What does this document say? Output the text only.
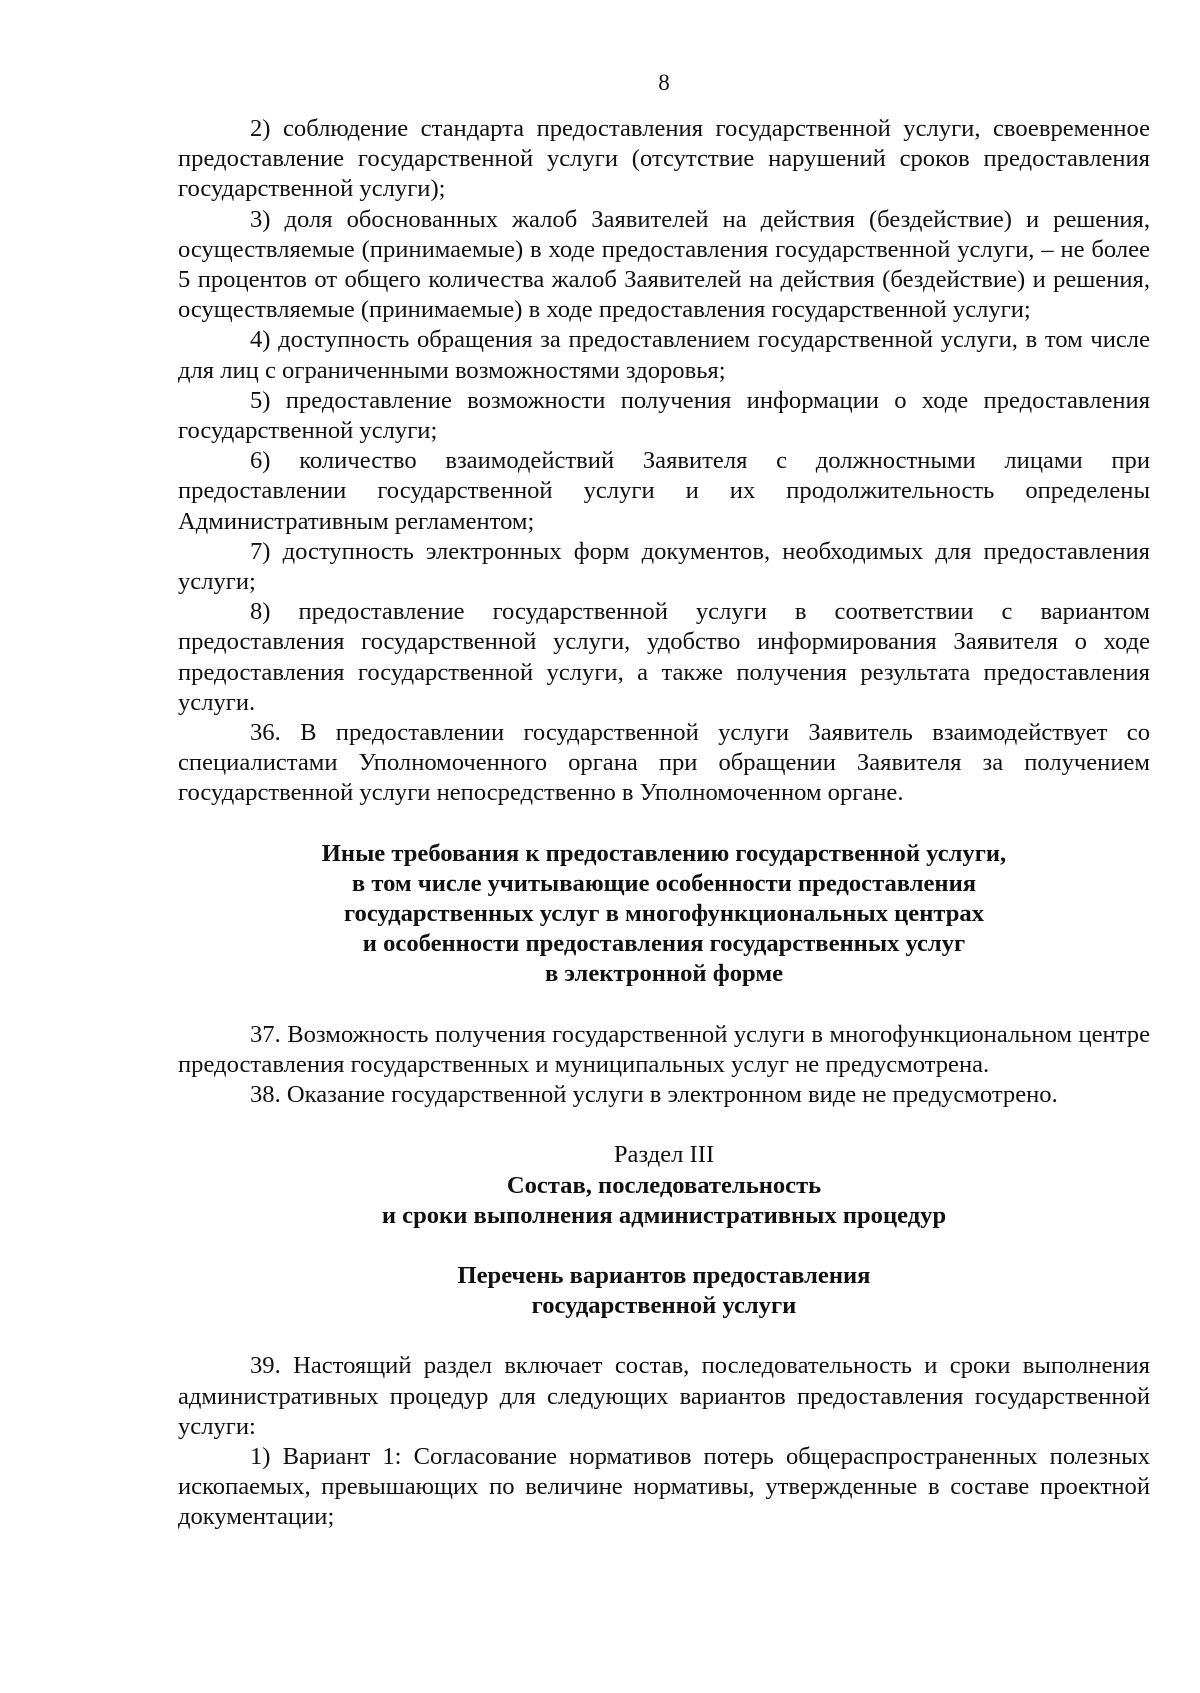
8

2) соблюдение стандарта предоставления государственной услуги, своевременное предоставление государственной услуги (отсутствие нарушений сроков предоставления государственной услуги);

3) доля обоснованных жалоб Заявителей на действия (бездействие) и решения, осуществляемые (принимаемые) в ходе предоставления государственной услуги, – не более 5 процентов от общего количества жалоб Заявителей на действия (бездействие) и решения, осуществляемые (принимаемые) в ходе предоставления государственной услуги;

4) доступность обращения за предоставлением государственной услуги, в том числе для лиц с ограниченными возможностями здоровья;

5) предоставление возможности получения информации о ходе предоставления государственной услуги;

6) количество взаимодействий Заявителя с должностными лицами при предоставлении государственной услуги и их продолжительность определены Административным регламентом;

7) доступность электронных форм документов, необходимых для предоставления услуги;

8) предоставление государственной услуги в соответствии с вариантом предоставления государственной услуги, удобство информирования Заявителя о ходе предоставления государственной услуги, а также получения результата предоставления услуги.

36. В предоставлении государственной услуги Заявитель взаимодействует со специалистами Уполномоченного органа при обращении Заявителя за получением государственной услуги непосредственно в Уполномоченном органе.

Иные требования к предоставлению государственной услуги,
в том числе учитывающие особенности предоставления
государственных услуг в многофункциональных центрах
и особенности предоставления государственных услуг
в электронной форме

37. Возможность получения государственной услуги в многофункциональном центре предоставления государственных и муниципальных услуг не предусмотрена.

38. Оказание государственной услуги в электронном виде не предусмотрено.

Раздел III
Состав, последовательность
и сроки выполнения административных процедур
Перечень вариантов предоставления
государственной услуги

39. Настоящий раздел включает состав, последовательность и сроки выполнения административных процедур для следующих вариантов предоставления государственной услуги:

1) Вариант 1: Согласование нормативов потерь общераспространенных полезных ископаемых, превышающих по величине нормативы, утвержденные в составе проектной документации;
